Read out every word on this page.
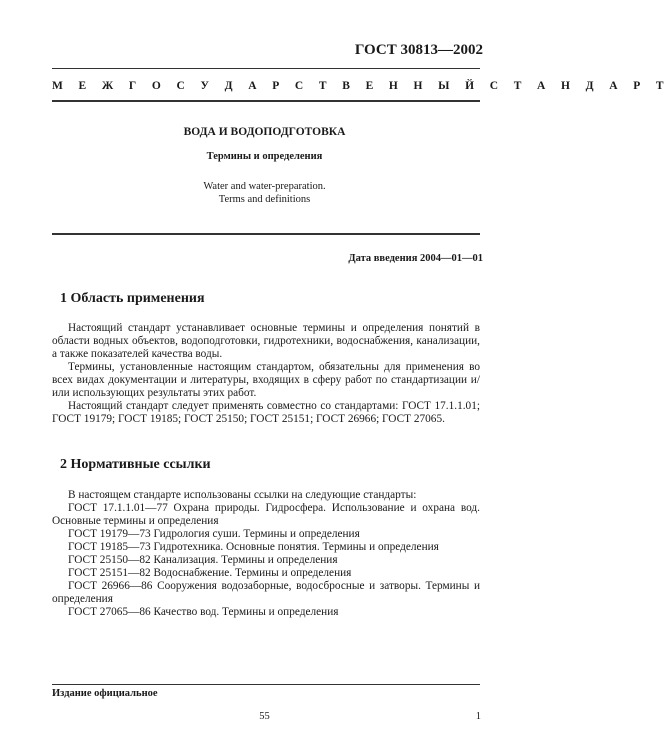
ГОСТ 30813—2002
М Е Ж Г О С У Д А Р С Т В Е Н Н Ы Й С Т А Н Д А Р Т
ВОДА И ВОДОПОДГОТОВКА
Термины и определения
Water and water-preparation.
Terms and definitions
Дата введения 2004—01—01
1 Область применения
Настоящий стандарт устанавливает основные термины и определения понятий в области водных объектов, водоподготовки, гидротехники, водоснабжения, канализации, а также показателей качества воды.
Термины, установленные настоящим стандартом, обязательны для применения во всех видах документации и литературы, входящих в сферу работ по стандартизации и/или использующих результаты этих работ.
Настоящий стандарт следует применять совместно со стандартами: ГОСТ 17.1.1.01; ГОСТ 19179; ГОСТ 19185; ГОСТ 25150; ГОСТ 25151; ГОСТ 26966; ГОСТ 27065.
2 Нормативные ссылки
В настоящем стандарте использованы ссылки на следующие стандарты:
ГОСТ 17.1.1.01—77 Охрана природы. Гидросфера. Использование и охрана вод. Основные термины и определения
ГОСТ 19179—73 Гидрология суши. Термины и определения
ГОСТ 19185—73 Гидротехника. Основные понятия. Термины и определения
ГОСТ 25150—82 Канализация. Термины и определения
ГОСТ 25151—82 Водоснабжение. Термины и определения
ГОСТ 26966—86 Сооружения водозаборные, водосбросные и затворы. Термины и определения
ГОСТ 27065—86 Качество вод. Термины и определения
Издание официальное
55	1
